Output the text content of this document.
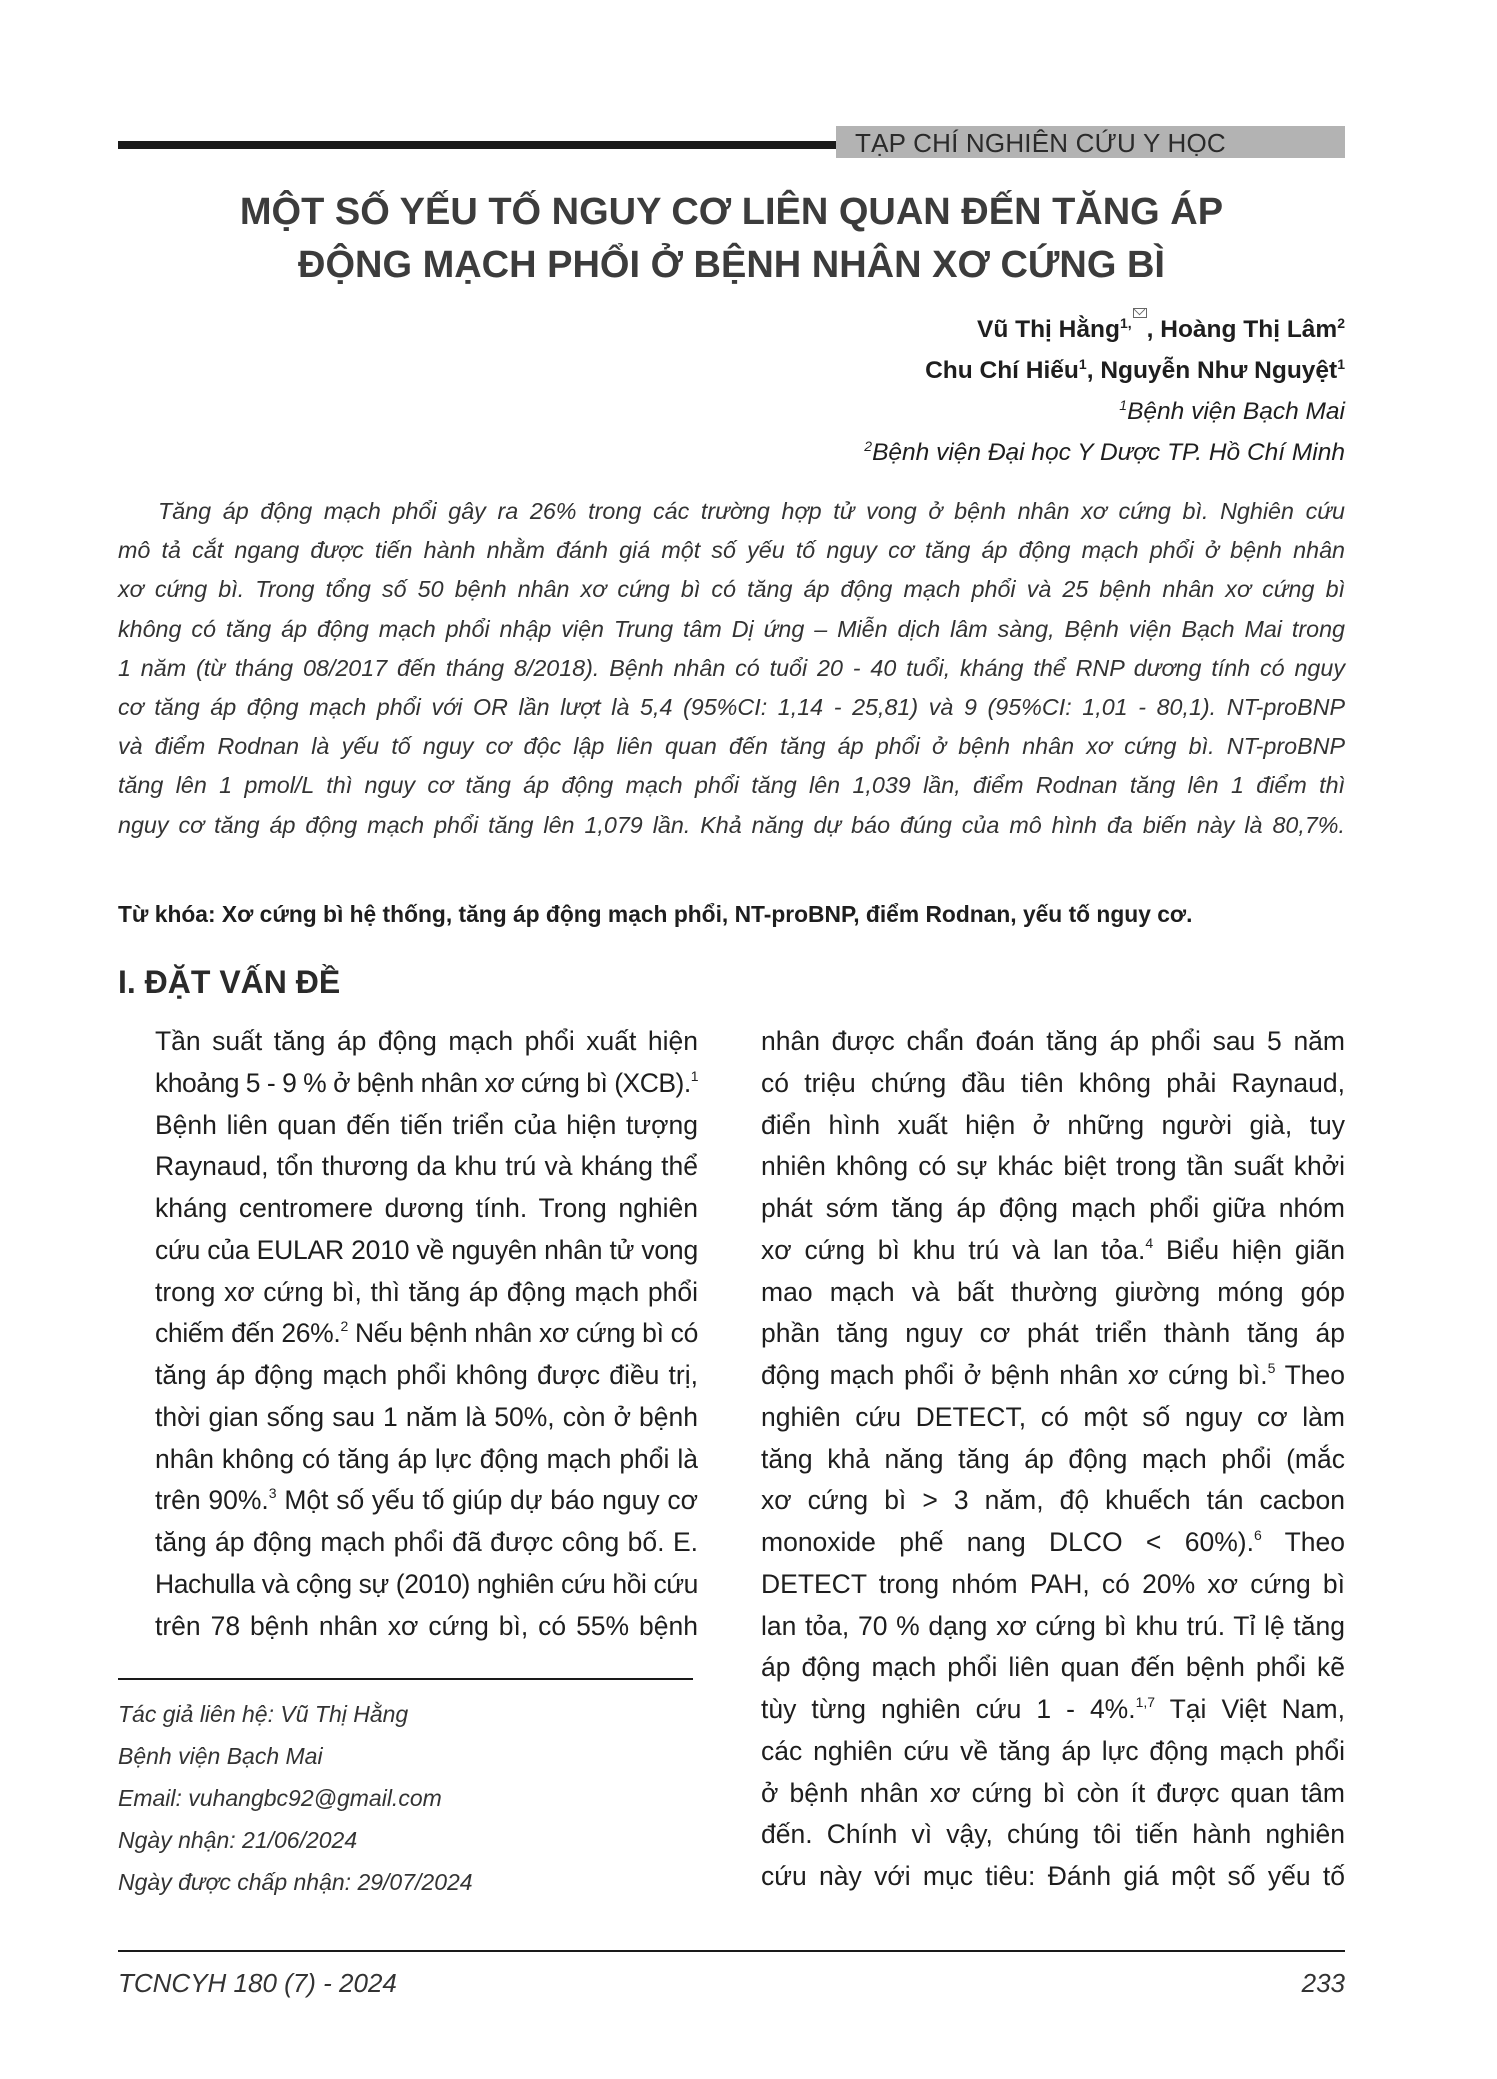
TẠP CHÍ NGHIÊN CỨU Y HỌC
MỘT SỐ YẾU TỐ NGUY CƠ LIÊN QUAN ĐẾN TĂNG ÁP
ĐỘNG MẠCH PHỔI Ở BỆNH NHÂN XƠ CỨNG BÌ
Vũ Thị Hằng$^{1,}$ , Hoàng Thị Lâm$^2$
Chu Chí Hiếu$^1$, Nguyễn Như Nguyệt$^1$
$^1$Bệnh viện Bạch Mai
$^2$Bệnh viện Đại học Y Dược TP. Hồ Chí Minh
Tăng áp động mạch phổi gây ra 26% trong các trường hợp tử vong ở bệnh nhân xơ cứng bì. Nghiên cứu
mô tả cắt ngang được tiến hành nhằm đánh giá một số yếu tố nguy cơ tăng áp động mạch phổi ở bệnh nhân
xơ cứng bì. Trong tổng số 50 bệnh nhân xơ cứng bì có tăng áp động mạch phổi và 25 bệnh nhân xơ cứng bì
không có tăng áp động mạch phổi nhập viện Trung tâm Dị ứng – Miễn dịch lâm sàng, Bệnh viện Bạch Mai trong
1 năm (từ tháng 08/2017 đến tháng 8/2018). Bệnh nhân có tuổi 20 - 40 tuổi, kháng thể RNP dương tính có nguy
cơ tăng áp động mạch phổi với OR lần lượt là 5,4 (95%CI: 1,14 - 25,81) và 9 (95%CI: 1,01 - 80,1). NT-proBNP
và điểm Rodnan là yếu tố nguy cơ độc lập liên quan đến tăng áp phổi ở bệnh nhân xơ cứng bì. NT-proBNP
tăng lên 1 pmol/L thì nguy cơ tăng áp động mạch phổi tăng lên 1,039 lần, điểm Rodnan tăng lên 1 điểm thì
nguy cơ tăng áp động mạch phổi tăng lên 1,079 lần. Khả năng dự báo đúng của mô hình đa biến này là 80,7%.
Từ khóa: Xơ cứng bì hệ thống, tăng áp động mạch phổi, NT-proBNP, điểm Rodnan, yếu tố nguy cơ.
I. ĐẶT VẤN ĐỀ
Tần suất tăng áp động mạch phổi xuất hiện
khoảng 5 - 9 % ở bệnh nhân xơ cứng bì (XCB).$^1$
Bệnh liên quan đến tiến triển của hiện tượng
Raynaud, tổn thương da khu trú và kháng thể
kháng centromere dương tính. Trong nghiên
cứu của EULAR 2010 về nguyên nhân tử vong
trong xơ cứng bì, thì tăng áp động mạch phổi
chiếm đến 26%.$^2$ Nếu bệnh nhân xơ cứng bì có
tăng áp động mạch phổi không được điều trị,
thời gian sống sau 1 năm là 50%, còn ở bệnh
nhân không có tăng áp lực động mạch phổi là
trên 90%.$^3$ Một số yếu tố giúp dự báo nguy cơ
tăng áp động mạch phổi đã được công bố. E.
Hachulla và cộng sự (2010) nghiên cứu hồi cứu
trên 78 bệnh nhân xơ cứng bì, có 55% bệnh
nhân được chẩn đoán tăng áp phổi sau 5 năm
có triệu chứng đầu tiên không phải Raynaud,
điển hình xuất hiện ở những người già, tuy
nhiên không có sự khác biệt trong tần suất khởi
phát sớm tăng áp động mạch phổi giữa nhóm
xơ cứng bì khu trú và lan tỏa.$^4$ Biểu hiện giãn
mao mạch và bất thường giường móng góp
phần tăng nguy cơ phát triển thành tăng áp
động mạch phổi ở bệnh nhân xơ cứng bì.$^5$ Theo
nghiên cứu DETECT, có một số nguy cơ làm
tăng khả năng tăng áp động mạch phổi (mắc
xơ cứng bì > 3 năm, độ khuếch tán cacbon
monoxide phế nang DLCO < 60%).$^6$ Theo
DETECT trong nhóm PAH, có 20% xơ cứng bì
lan tỏa, 70 % dạng xơ cứng bì khu trú. Tỉ lệ tăng
áp động mạch phổi liên quan đến bệnh phổi kẽ
tùy từng nghiên cứu 1 - 4%.$^{1,7}$ Tại Việt Nam,
các nghiên cứu về tăng áp lực động mạch phổi
ở bệnh nhân xơ cứng bì còn ít được quan tâm
đến. Chính vì vậy, chúng tôi tiến hành nghiên
cứu này với mục tiêu: Đánh giá một số yếu tố
Tác giả liên hệ: Vũ Thị Hằng
Bệnh viện Bạch Mai
Email: vuhangbc92@gmail.com
Ngày nhận: 21/06/2024
Ngày được chấp nhận: 29/07/2024
TCNCYH 180 (7) - 2024	233
